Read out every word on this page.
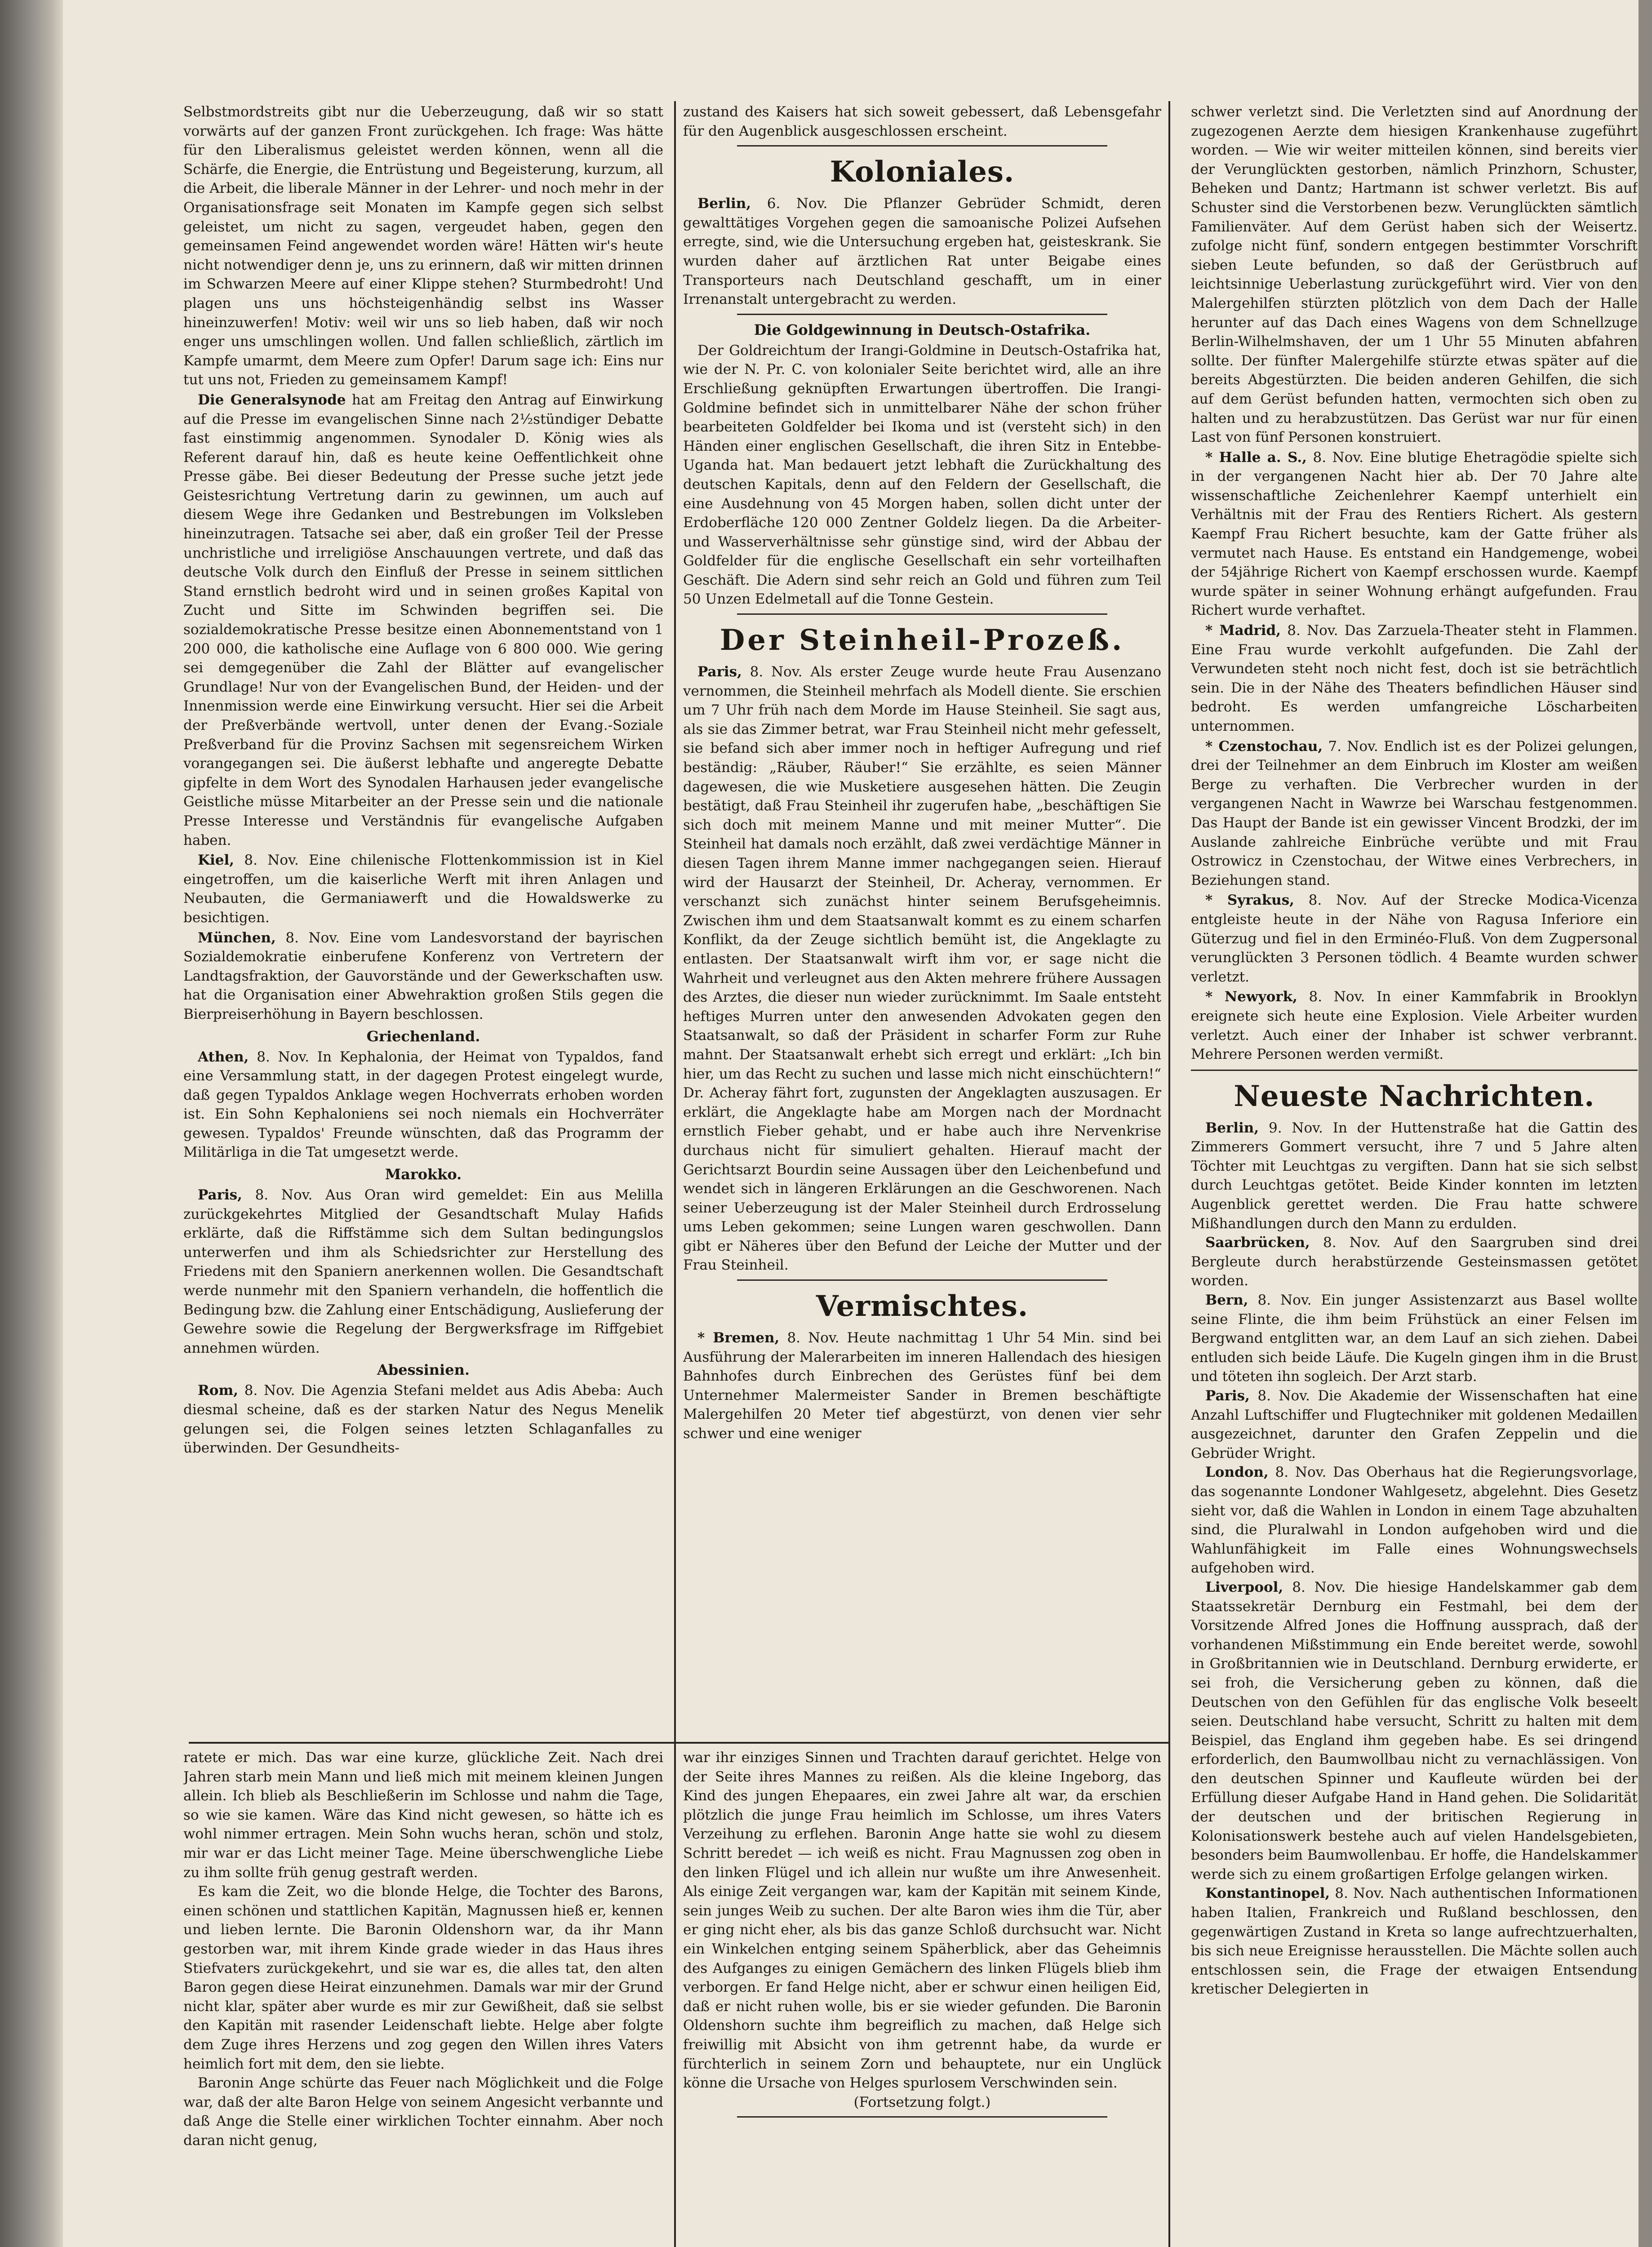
Selbstmordstreits gibt nur die Ueberzeugung, daß wir so statt vorwärts auf der ganzen Front zurückgehen. Ich frage: Was hätte für den Liberalismus geleistet werden können, wenn all die Schärfe, die Energie, die Entrüstung und Begeisterung, kurzum, all die Arbeit, die liberale Männer in der Lehrer- und noch mehr in der Organisationsfrage seit Monaten im Kampfe gegen sich selbst geleistet, um nicht zu sagen, vergeudet haben, gegen den gemeinsamen Feind angewendet worden wäre! Hätten wir's heute nicht notwendiger denn je, uns zu erinnern, daß wir mitten drinnen im Schwarzen Meere auf einer Klippe stehen? Sturmbedroht! Und plagen uns uns höchsteigenhändig selbst ins Wasser hineinzuwerfen! Motiv: weil wir uns so lieb haben, daß wir noch enger uns umschlingen wollen. Und fallen schließlich, zärtlich im Kampfe umarmt, dem Meere zum Opfer! Darum sage ich: Eins nur tut uns not, Frieden zu gemeinsamem Kampf!

Die Generalsynode hat am Freitag den Antrag auf Einwirkung auf die Presse im evangelischen Sinne nach 2½stündiger Debatte fast einstimmig angenommen. Synodaler D. König wies als Referent darauf hin, daß es heute keine Oeffentlichkeit ohne Presse gäbe. Bei dieser Bedeutung der Presse suche jetzt jede Geistesrichtung Vertretung darin zu gewinnen, um auch auf diesem Wege ihre Gedanken und Bestrebungen im Volksleben hineinzutragen. Tatsache sei aber, daß ein großer Teil der Presse unchristliche und irreligiöse Anschauungen vertrete, und daß das deutsche Volk durch den Einfluß der Presse in seinem sittlichen Stand ernstlich bedroht wird und in seinen großes Kapital von Zucht und Sitte im Schwinden begriffen sei. Die sozialdemokratische Presse besitze einen Abonnementstand von 1 200 000, die katholische eine Auflage von 6 800 000. Wie gering sei demgegenüber die Zahl der Blätter auf evangelischer Grundlage! Nur von der Evangelischen Bund, der Heiden- und der Innenmission werde eine Einwirkung versucht. Hier sei die Arbeit der Preßverbände wertvoll, unter denen der Evang.-Soziale Preßverband für die Provinz Sachsen mit segensreichem Wirken vorangegangen sei. Die äußerst lebhafte und angeregte Debatte gipfelte in dem Wort des Synodalen Harhausen jeder evangelische Geistliche müsse Mitarbeiter an der Presse sein und die nationale Presse Interesse und Verständnis für evangelische Aufgaben haben.

Kiel, 8. Nov. Eine chilenische Flottenkommission ist in Kiel eingetroffen, um die kaiserliche Werft mit ihren Anlagen und Neubauten, die Germaniawerft und die Howaldswerke zu besichtigen.

München, 8. Nov. Eine vom Landesvorstand der bayrischen Sozialdemokratie einberufene Konferenz von Vertretern der Landtagsfraktion, der Gauvorstände und der Gewerkschaften usw. hat die Organisation einer Abwehraktion großen Stils gegen die Bierpreiserhöhung in Bayern beschlossen.

Griechenland.

Athen, 8. Nov. In Kephalonia, der Heimat von Typaldos, fand eine Versammlung statt, in der dagegen Protest eingelegt wurde, daß gegen Typaldos Anklage wegen Hochverrats erhoben worden ist. Ein Sohn Kephaloniens sei noch niemals ein Hochverräter gewesen. Typaldos' Freunde wünschten, daß das Programm der Militärliga in die Tat umgesetzt werde.

Marokko.

Paris, 8. Nov. Aus Oran wird gemeldet: Ein aus Melilla zurückgekehrtes Mitglied der Gesandtschaft Mulay Hafids erklärte, daß die Riffstämme sich dem Sultan bedingungslos unterwerfen und ihm als Schiedsrichter zur Herstellung des Friedens mit den Spaniern anerkennen wollen. Die Gesandtschaft werde nunmehr mit den Spaniern verhandeln, die hoffentlich die Bedingung bzw. die Zahlung einer Entschädigung, Auslieferung der Gewehre sowie die Regelung der Bergwerksfrage im Riffgebiet annehmen würden.

Abessinien.

Rom, 8. Nov. Die Agenzia Stefani meldet aus Adis Abeba: Auch diesmal scheine, daß es der starken Natur des Negus Menelik gelungen sei, die Folgen seines letzten Schlaganfalles zu überwinden. Der Gesundheits-

zustand des Kaisers hat sich soweit gebessert, daß Lebensgefahr für den Augenblick ausgeschlossen erscheint.

Koloniales.

Berlin, 6. Nov. Die Pflanzer Gebrüder Schmidt, deren gewalttätiges Vorgehen gegen die samoanische Polizei Aufsehen erregte, sind, wie die Untersuchung ergeben hat, geisteskrank. Sie wurden daher auf ärztlichen Rat unter Beigabe eines Transporteurs nach Deutschland geschafft, um in einer Irrenanstalt untergebracht zu werden.

Die Goldgewinnung in Deutsch-Ostafrika.

Der Goldreichtum der Irangi-Goldmine in Deutsch-Ostafrika hat, wie der N. Pr. C. von kolonialer Seite berichtet wird, alle an ihre Erschließung geknüpften Erwartungen übertroffen. Die Irangi-Goldmine befindet sich in unmittelbarer Nähe der schon früher bearbeiteten Goldfelder bei Ikoma und ist (versteht sich) in den Händen einer englischen Gesellschaft, die ihren Sitz in Entebbe-Uganda hat. Man bedauert jetzt lebhaft die Zurückhaltung des deutschen Kapitals, denn auf den Feldern der Gesellschaft, die eine Ausdehnung von 45 Morgen haben, sollen dicht unter der Erdoberfläche 120 000 Zentner Goldelz liegen. Da die Arbeiter- und Wasserverhältnisse sehr günstige sind, wird der Abbau der Goldfelder für die englische Gesellschaft ein sehr vorteilhaften Geschäft. Die Adern sind sehr reich an Gold und führen zum Teil 50 Unzen Edelmetall auf die Tonne Gestein.

Der Steinheil-Prozeß.

Paris, 8. Nov. Als erster Zeuge wurde heute Frau Ausenzano vernommen, die Steinheil mehrfach als Modell diente. Sie erschien um 7 Uhr früh nach dem Morde im Hause Steinheil. Sie sagt aus, als sie das Zimmer betrat, war Frau Steinheil nicht mehr gefesselt, sie befand sich aber immer noch in heftiger Aufregung und rief beständig: „Räuber, Räuber!“ Sie erzählte, es seien Männer dagewesen, die wie Musketiere ausgesehen hätten. Die Zeugin bestätigt, daß Frau Steinheil ihr zugerufen habe, „beschäftigen Sie sich doch mit meinem Manne und mit meiner Mutter“. Die Steinheil hat damals noch erzählt, daß zwei verdächtige Männer in diesen Tagen ihrem Manne immer nachgegangen seien. Hierauf wird der Hausarzt der Steinheil, Dr. Acheray, vernommen. Er verschanzt sich zunächst hinter seinem Berufsgeheimnis. Zwischen ihm und dem Staatsanwalt kommt es zu einem scharfen Konflikt, da der Zeuge sichtlich bemüht ist, die Angeklagte zu entlasten. Der Staatsanwalt wirft ihm vor, er sage nicht die Wahrheit und verleugnet aus den Akten mehrere frühere Aussagen des Arztes, die dieser nun wieder zurücknimmt. Im Saale entsteht heftiges Murren unter den anwesenden Advokaten gegen den Staatsanwalt, so daß der Präsident in scharfer Form zur Ruhe mahnt. Der Staatsanwalt erhebt sich erregt und erklärt: „Ich bin hier, um das Recht zu suchen und lasse mich nicht einschüchtern!“ Dr. Acheray fährt fort, zugunsten der Angeklagten auszusagen. Er erklärt, die Angeklagte habe am Morgen nach der Mordnacht ernstlich Fieber gehabt, und er habe auch ihre Nervenkrise durchaus nicht für simuliert gehalten. Hierauf macht der Gerichtsarzt Bourdin seine Aussagen über den Leichenbefund und wendet sich in längeren Erklärungen an die Geschworenen. Nach seiner Ueberzeugung ist der Maler Steinheil durch Erdrosselung ums Leben gekommen; seine Lungen waren geschwollen. Dann gibt er Näheres über den Befund der Leiche der Mutter und der Frau Steinheil.

Vermischtes.

* Bremen, 8. Nov. Heute nachmittag 1 Uhr 54 Min. sind bei Ausführung der Malerarbeiten im inneren Hallendach des hiesigen Bahnhofes durch Einbrechen des Gerüstes fünf bei dem Unternehmer Malermeister Sander in Bremen beschäftigte Malergehilfen 20 Meter tief abgestürzt, von denen vier sehr schwer und eine weniger

schwer verletzt sind. Die Verletzten sind auf Anordnung der zugezogenen Aerzte dem hiesigen Krankenhause zugeführt worden. — Wie wir weiter mitteilen können, sind bereits vier der Verunglückten gestorben, nämlich Prinzhorn, Schuster, Beheken und Dantz; Hartmann ist schwer verletzt. Bis auf Schuster sind die Verstorbenen bezw. Verunglückten sämtlich Familienväter. Auf dem Gerüst haben sich der Weisertz. zufolge nicht fünf, sondern entgegen bestimmter Vorschrift sieben Leute befunden, so daß der Gerüstbruch auf leichtsinnige Ueberlastung zurückgeführt wird. Vier von den Malergehilfen stürzten plötzlich von dem Dach der Halle herunter auf das Dach eines Wagens von dem Schnellzuge Berlin-Wilhelmshaven, der um 1 Uhr 55 Minuten abfahren sollte. Der fünfter Malergehilfe stürzte etwas später auf die bereits Abgestürzten. Die beiden anderen Gehilfen, die sich auf dem Gerüst befunden hatten, vermochten sich oben zu halten und zu herabzustützen. Das Gerüst war nur für einen Last von fünf Personen konstruiert.

* Halle a. S., 8. Nov. Eine blutige Ehetragödie spielte sich in der vergangenen Nacht hier ab. Der 70 Jahre alte wissenschaftliche Zeichenlehrer Kaempf unterhielt ein Verhältnis mit der Frau des Rentiers Richert. Als gestern Kaempf Frau Richert besuchte, kam der Gatte früher als vermutet nach Hause. Es entstand ein Handgemenge, wobei der 54jährige Richert von Kaempf erschossen wurde. Kaempf wurde später in seiner Wohnung erhängt aufgefunden. Frau Richert wurde verhaftet.

* Madrid, 8. Nov. Das Zarzuela-Theater steht in Flammen. Eine Frau wurde verkohlt aufgefunden. Die Zahl der Verwundeten steht noch nicht fest, doch ist sie beträchtlich sein. Die in der Nähe des Theaters befindlichen Häuser sind bedroht. Es werden umfangreiche Löscharbeiten unternommen.

* Czenstochau, 7. Nov. Endlich ist es der Polizei gelungen, drei der Teilnehmer an dem Einbruch im Kloster am weißen Berge zu verhaften. Die Verbrecher wurden in der vergangenen Nacht in Wawrze bei Warschau festgenommen. Das Haupt der Bande ist ein gewisser Vincent Brodzki, der im Auslande zahlreiche Einbrüche verübte und mit Frau Ostrowicz in Czenstochau, der Witwe eines Verbrechers, in Beziehungen stand.

* Syrakus, 8. Nov. Auf der Strecke Modica-Vicenza entgleiste heute in der Nähe von Ragusa Inferiore ein Güterzug und fiel in den Erminéo-Fluß. Von dem Zugpersonal verunglückten 3 Personen tödlich. 4 Beamte wurden schwer verletzt.

* Newyork, 8. Nov. In einer Kammfabrik in Brooklyn ereignete sich heute eine Explosion. Viele Arbeiter wurden verletzt. Auch einer der Inhaber ist schwer verbrannt. Mehrere Personen werden vermißt.

Neueste Nachrichten.

Berlin, 9. Nov. In der Huttenstraße hat die Gattin des Zimmerers Gommert versucht, ihre 7 und 5 Jahre alten Töchter mit Leuchtgas zu vergiften. Dann hat sie sich selbst durch Leuchtgas getötet. Beide Kinder konnten im letzten Augenblick gerettet werden. Die Frau hatte schwere Mißhandlungen durch den Mann zu erdulden.

Saarbrücken, 8. Nov. Auf den Saargruben sind drei Bergleute durch herabstürzende Gesteinsmassen getötet worden.

Bern, 8. Nov. Ein junger Assistenzarzt aus Basel wollte seine Flinte, die ihm beim Frühstück an einer Felsen im Bergwand entglitten war, an dem Lauf an sich ziehen. Dabei entluden sich beide Läufe. Die Kugeln gingen ihm in die Brust und töteten ihn sogleich. Der Arzt starb.

Paris, 8. Nov. Die Akademie der Wissenschaften hat eine Anzahl Luftschiffer und Flugtechniker mit goldenen Medaillen ausgezeichnet, darunter den Grafen Zeppelin und die Gebrüder Wright.

London, 8. Nov. Das Oberhaus hat die Regierungsvorlage, das sogenannte Londoner Wahlgesetz, abgelehnt. Dies Gesetz sieht vor, daß die Wahlen in London in einem Tage abzuhalten sind, die Pluralwahl in London aufgehoben wird und die Wahlunfähigkeit im Falle eines Wohnungswechsels aufgehoben wird.

Liverpool, 8. Nov. Die hiesige Handelskammer gab dem Staatssekretär Dernburg ein Festmahl, bei dem der Vorsitzende Alfred Jones die Hoffnung aussprach, daß der vorhandenen Mißstimmung ein Ende bereitet werde, sowohl in Großbritannien wie in Deutschland. Dernburg erwiderte, er sei froh, die Versicherung geben zu können, daß die Deutschen von den Gefühlen für das englische Volk beseelt seien. Deutschland habe versucht, Schritt zu halten mit dem Beispiel, das England ihm gegeben habe. Es sei dringend erforderlich, den Baumwollbau nicht zu vernachlässigen. Von den deutschen Spinner und Kaufleute würden bei der Erfüllung dieser Aufgabe Hand in Hand gehen. Die Solidarität der deutschen und der britischen Regierung in Kolonisationswerk bestehe auch auf vielen Handelsgebieten, besonders beim Baumwollenbau. Er hoffe, die Handelskammer werde sich zu einem großartigen Erfolge gelangen wirken.

Konstantinopel, 8. Nov. Nach authentischen Informationen haben Italien, Frankreich und Rußland beschlossen, den gegenwärtigen Zustand in Kreta so lange aufrechtzuerhalten, bis sich neue Ereignisse herausstellen. Die Mächte sollen auch entschlossen sein, die Frage der etwaigen Entsendung kretischer Delegierten in

ratete er mich. Das war eine kurze, glückliche Zeit. Nach drei Jahren starb mein Mann und ließ mich mit meinem kleinen Jungen allein. Ich blieb als Beschließerin im Schlosse und nahm die Tage, so wie sie kamen. Wäre das Kind nicht gewesen, so hätte ich es wohl nimmer ertragen. Mein Sohn wuchs heran, schön und stolz, mir war er das Licht meiner Tage. Meine überschwengliche Liebe zu ihm sollte früh genug gestraft werden.

Es kam die Zeit, wo die blonde Helge, die Tochter des Barons, einen schönen und stattlichen Kapitän, Magnussen hieß er, kennen und lieben lernte. Die Baronin Oldenshorn war, da ihr Mann gestorben war, mit ihrem Kinde grade wieder in das Haus ihres Stiefvaters zurückgekehrt, und sie war es, die alles tat, den alten Baron gegen diese Heirat einzunehmen. Damals war mir der Grund nicht klar, später aber wurde es mir zur Gewißheit, daß sie selbst den Kapitän mit rasender Leidenschaft liebte. Helge aber folgte dem Zuge ihres Herzens und zog gegen den Willen ihres Vaters heimlich fort mit dem, den sie liebte.

Baronin Ange schürte das Feuer nach Möglichkeit und die Folge war, daß der alte Baron Helge von seinem Angesicht verbannte und daß Ange die Stelle einer wirklichen Tochter einnahm. Aber noch daran nicht genug,

war ihr einziges Sinnen und Trachten darauf gerichtet. Helge von der Seite ihres Mannes zu reißen. Als die kleine Ingeborg, das Kind des jungen Ehepaares, ein zwei Jahre alt war, da erschien plötzlich die junge Frau heimlich im Schlosse, um ihres Vaters Verzeihung zu erflehen. Baronin Ange hatte sie wohl zu diesem Schritt beredet — ich weiß es nicht. Frau Magnussen zog oben in den linken Flügel und ich allein nur wußte um ihre Anwesenheit. Als einige Zeit vergangen war, kam der Kapitän mit seinem Kinde, sein junges Weib zu suchen. Der alte Baron wies ihm die Tür, aber er ging nicht eher, als bis das ganze Schloß durchsucht war. Nicht ein Winkelchen entging seinem Späherblick, aber das Geheimnis des Aufganges zu einigen Gemächern des linken Flügels blieb ihm verborgen. Er fand Helge nicht, aber er schwur einen heiligen Eid, daß er nicht ruhen wolle, bis er sie wieder gefunden. Die Baronin Oldenshorn suchte ihm begreiflich zu machen, daß Helge sich freiwillig mit Absicht von ihm getrennt habe, da wurde er fürchterlich in seinem Zorn und behauptete, nur ein Unglück könne die Ursache von Helges spurlosem Verschwinden sein.

(Fortsetzung folgt.)
